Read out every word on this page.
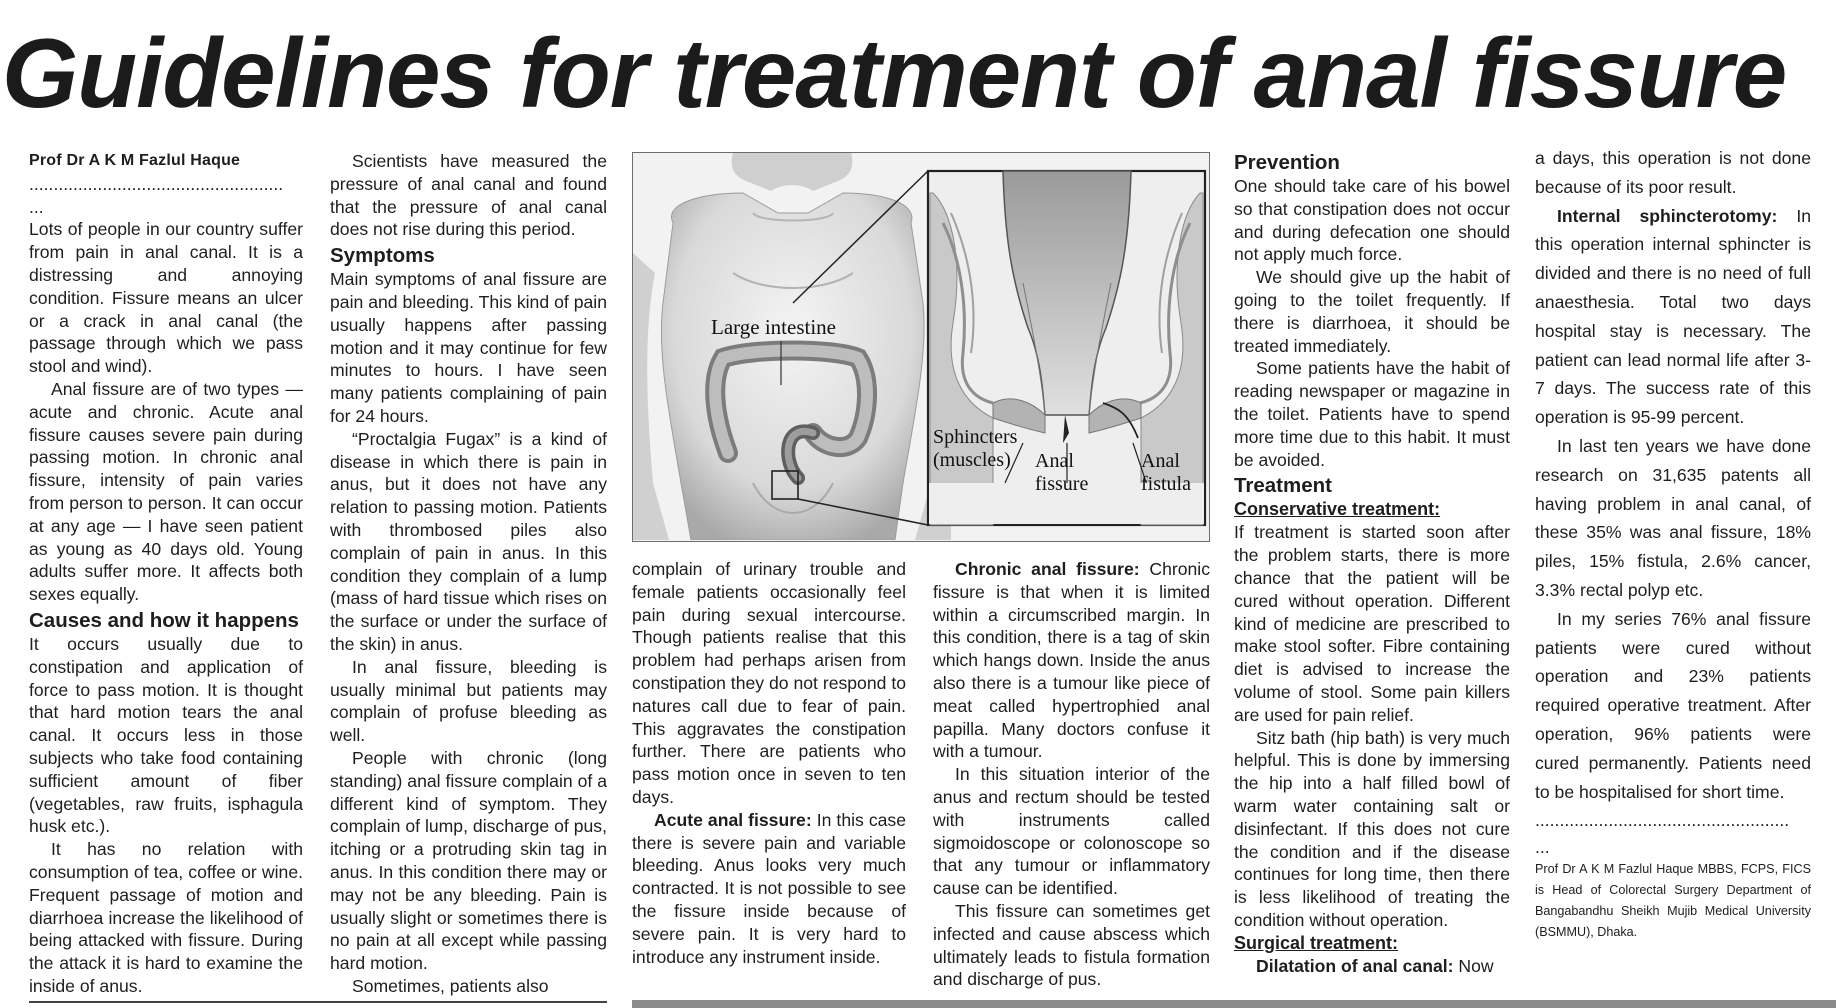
Guidelines for treatment of anal fissure

Prof Dr A K M Fazlul Haque

....................................................

...

Lots of people in our country suffer from pain in anal canal. It is a distressing and annoying condition. Fissure means an ulcer or a crack in anal canal (the passage through which we pass stool and wind).

Anal fissure are of two types — acute and chronic. Acute anal fissure causes severe pain during passing motion. In chronic anal fissure, intensity of pain varies from person to person. It can occur at any age — I have seen patient as young as 40 days old. Young adults suffer more. It affects both sexes equally.

Causes and how it happens

It occurs usually due to constipation and application of force to pass motion. It is thought that hard motion tears the anal canal. It occurs less in those subjects who take food containing sufficient amount of fiber (vegetables, raw fruits, isphagula husk etc.).

It has no relation with consumption of tea, coffee or wine. Frequent passage of motion and diarrhoea increase the likelihood of being attacked with fissure. During the attack it is hard to examine the inside of anus.

Scientists have measured the pressure of anal canal and found that the pressure of anal canal does not rise during this period.

Symptoms

Main symptoms of anal fissure are pain and bleeding. This kind of pain usually happens after passing motion and it may continue for few minutes to hours. I have seen many patients complaining of pain for 24 hours.

“Proctalgia Fugax” is a kind of disease in which there is pain in anus, but it does not have any relation to passing motion. Patients with thrombosed piles also complain of pain in anus. In this condition they complain of a lump (mass of hard tissue which rises on the surface or under the surface of the skin) in anus.

In anal fissure, bleeding is usually minimal but patients may complain of profuse bleeding as well.

People with chronic (long standing) anal fissure complain of a different kind of symptom. They complain of lump, discharge of pus, itching or a protruding skin tag in anus. In this condition there may or may not be any bleeding. Pain is usually slight or sometimes there is no pain at all except while passing hard motion.

Sometimes, patients also

Large intestine
Sphincters
(muscles) Anal
fissure
Anal
fistula

complain of urinary trouble and female patients occasionally feel pain during sexual intercourse. Though patients realise that this problem had perhaps arisen from constipation they do not respond to natures call due to fear of pain. This aggravates the constipation further. There are patients who pass motion once in seven to ten days.

Acute anal fissure: In this case there is severe pain and variable bleeding. Anus looks very much contracted. It is not possible to see the fissure inside because of severe pain. It is very hard to introduce any instrument inside.

Chronic anal fissure: Chronic fissure is that when it is limited within a circumscribed margin. In this condition, there is a tag of skin which hangs down. Inside the anus also there is a tumour like piece of meat called hypertrophied anal papilla. Many doctors confuse it with a tumour.

In this situation interior of the anus and rectum should be tested with instruments called sigmoidoscope or colonoscope so that any tumour or inflammatory cause can be identified.

This fissure can sometimes get infected and cause abscess which ultimately leads to fistula formation and discharge of pus.

Prevention

One should take care of his bowel so that constipation does not occur and during defecation one should not apply much force.

We should give up the habit of going to the toilet frequently. If there is diarrhoea, it should be treated immediately.

Some patients have the habit of reading newspaper or magazine in the toilet. Patients have to spend more time due to this habit. It must be avoided.

Treatment
Conservative treatment:

If treatment is started soon after the problem starts, there is more chance that the patient will be cured without operation. Different kind of medicine are prescribed to make stool softer. Fibre containing diet is advised to increase the volume of stool. Some pain killers are used for pain relief.

Sitz bath (hip bath) is very much helpful. This is done by immersing the hip into a half filled bowl of warm water containing salt or disinfectant. If this does not cure the condition and if the disease continues for long time, then there is less likelihood of treating the condition without operation.

Surgical treatment:

Dilatation of anal canal: Now

a days, this operation is not done because of its poor result.

Internal sphincterotomy: In this operation internal sphincter is divided and there is no need of full anaesthesia. Total two days hospital stay is necessary. The patient can lead normal life after 3-7 days. The success rate of this operation is 95-99 percent.

In last ten years we have done research on 31,635 patents all having problem in anal canal, of these 35% was anal fissure, 18% piles, 15% fistula, 2.6% cancer, 3.3% rectal polyp etc.

In my series 76% anal fissure patients were cured without operation and 23% patients required operative treatment. After operation, 96% patients were cured permanently. Patients need to be hospitalised for short time.

....................................................

...

Prof Dr A K M Fazlul Haque MBBS, FCPS, FICS is Head of Colorectal Surgery Department of Bangabandhu Sheikh Mujib Medical University (BSMMU), Dhaka.
